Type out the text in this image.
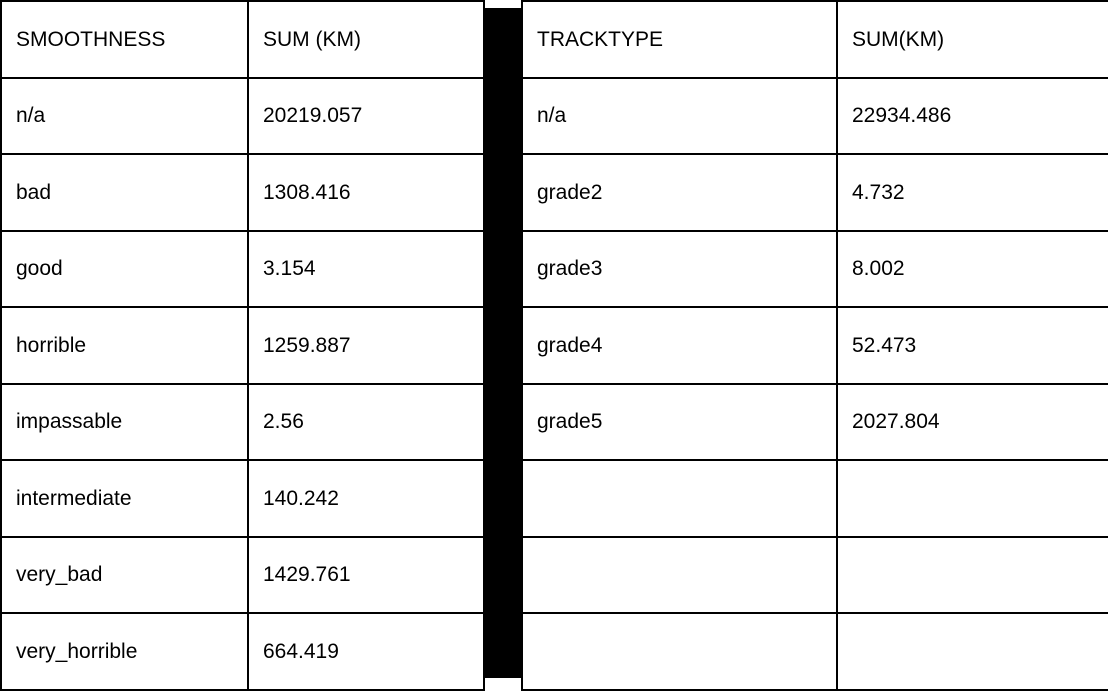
SMOOTHNESS	SUM (KM)
n/a	20219.057
bad	1308.416
good	3.154
horrible	1259.887
impassable	2.56
intermediate	140.242
very_bad	1429.761
very_horrible	664.419
TRACKTYPE	SUM(KM)
n/a	22934.486
grade2	4.732
grade3	8.002
grade4	52.473
grade5	2027.804
